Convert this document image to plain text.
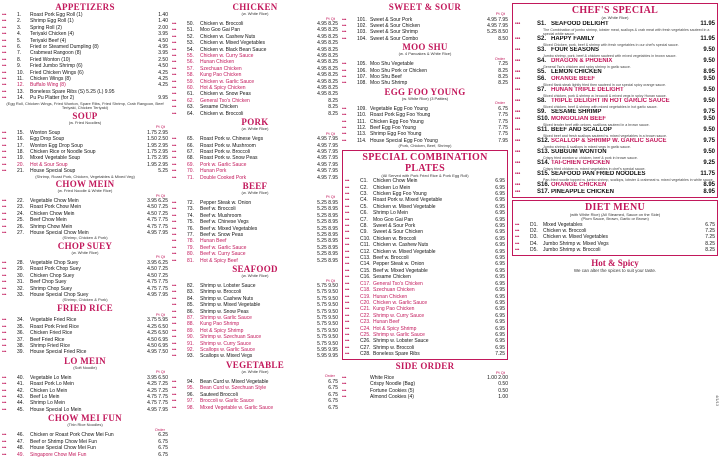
APPETIZERS
•••	1.	Roast Pork Egg Roll (1)	1.40
•••	2.	Shrimp Egg Roll (1)	1.40
•••	3.	Spring Roll (2)	2.00
•••	4.	Teriyaki Chicken (4)	3.95
•••	5.	Teriyaki Beef (4)	4.50
•••	6.	Fried or Steamed Dumpling (8)	4.95
•••	7.	Crabmeat Rangoon (8)	3.95
•••	8.	Fried Wonton (10)	2.50
•••	9.	Fried Jumbo Shrimp (6)	4.50
•••	10.	Fried Chicken Wings (6)	4.25
•••	11.	Chicken Wings (8)	4.25
•••	12.	Buffalo Wing (8)	4.25
•••	13.	Boneless Spare Ribs (S) 5.25 (L) 9.95
•••	14.	Pu Pu Platter (for 2)	9.95
(Egg Roll, Chicken Wings, Fried Wonton, Spare Ribs, Fried Shrimp, Crab Rangoon, Beef Teriyaki, Chicken Teriyaki)
SOUP
(w. Fried Noodles)
Pt Qt
•••	15.	Wonton Soup	1.75 2.95
•••	16.	Egg Drop Soup	1.50 2.50
•••	17.	Wonton Egg Drop Soup	1.95 2.95
•••	18.	Chicken Rice or Noodle Soup	1.75 2.95
•••	19.	Mixed Vegetable Soup	1.75 2.95
•••	20.	Hot & Sour Soup	1.95 2.95
•••	21.	House Special Soup	5.25
(Shrimp, Roast Pork, Chicken, Vegetables & Mixed Veg)
CHOW MEIN
(w. Fried Noodle & White Rice)
Pt Qt
•••	22.	Vegetable Chow Mein	3.95 6.25
•••	23.	Roast Pork Chow Mein	4.50 7.25
•••	24.	Chicken Chow Mein	4.50 7.25
•••	25.	Beef Chow Mein	4.75 7.75
•••	26.	Shrimp Chow Mein	4.75 7.75
•••	27.	House Special Chow Mein	4.95 7.95
(Shrimp, Chicken & Pork)
CHOP SUEY
(w. White Rice)
Pt Qt
•••	28.	Vegetable Chop Suey	3.95 6.25
•••	29.	Roast Pork Chop Suey	4.50 7.25
•••	30.	Chicken Chop Suey	4.50 7.25
•••	31.	Beef Chop Suey	4.75 7.75
•••	32.	Shrimp Chop Suey	4.75 7.75
•••	33.	House Special Chop Suey	4.95 7.95
(Shrimp, Chicken & Pork)
FRIED RICE
Pt Qt
•••	34.	Vegetable Fried Rice	3.75 5.95
•••	35.	Roast Pork Fried Rice	4.25 6.50
•••	36.	Chicken Fried Rice	4.25 6.50
•••	37.	Beef Fried Rice	4.50 6.95
•••	38.	Shrimp Fried Rice	4.50 6.95
•••	39.	House Special Fried Rice	4.95 7.50
LO MEIN
(Soft Noodle)
Pt Qt
•••	40.	Vegetable Lo Mein	3.95 6.50
•••	41.	Roast Pork Lo Mein	4.25 7.25
•••	42.	Chicken Lo Mein	4.25 7.25
•••	43.	Beef Lo Mein	4.75 7.75
•••	44.	Shrimp Lo Mein	4.75 7.75
•••	45.	House Special Lo Mein	4.95 7.95
CHOW MEI FUN
(Thin Rice Noodles)
Order
•••	46.	Chicken or Roast Pork Chow Mei Fun	6.25
•••	47.	Beef or Shrimp Chow Mei Fun	6.75
•••	48.	House Special Chow Mei Fun	6.75
•••	49.	Singapore Chow Mei Fun	6.75
CHICKEN
(w. White Rice)
Pt Qt
•••	50.	Chicken w. Broccoli	4.95 8.25
•••	51.	Moo Goo Gai Pan	4.95 8.25
•••	52.	Chicken w. Cashew Nuts	4.95 8.25
•••	53.	Chicken w. Mixed Vegetables	4.95 8.25
•••	54.	Chicken w. Black Bean Sauce	4.95 8.25
•••	55.	Chicken w. Curry Sauce	4.95 8.25
•••	56.	Hunan Chicken	4.95 8.25
•••	57.	Szechuan Chicken	4.95 8.25
•••	58.	Kung Pao Chicken	4.95 8.25
•••	59.	Chicken w. Garlic Sauce	4.95 8.25
•••	60.	Hot & Spicy Chicken	4.95 8.25
•••	61.	Chicken w. Snow Peas	4.95 8.25
•••	62.	General Tso's Chicken	8.25
•••	63.	Sesame Chicken	8.25
•••	64.	Chicken w. Broccoli	8.25
PORK
(w. White Rice)
Pt Qt
•••	65.	Roast Pork w. Chinese Vegs	4.95 7.95
•••	66.	Roast Pork w. Mushroom	4.95 7.95
•••	67.	Roast Pork w. Broccoli	4.95 7.95
•••	68.	Roast Pork w. Snow Peas	4.95 7.95
•••	69.	Pork w. Garlic Sauce	4.95 7.95
•••	70.	Hunan Pork	4.95 7.95
•••	71.	Double Cooked Pork	4.95 7.95
BEEF
(w. White Rice)
Pt Qt
•••	72.	Pepper Steak w. Onion	5.25 8.95
•••	73.	Beef w. Broccoli	5.25 8.95
•••	74.	Beef w. Mushroom	5.25 8.95
•••	75.	Beef w. Chinese Vegs	5.25 8.95
•••	76.	Beef w. Mixed Vegetables	5.25 8.95
•••	77.	Beef w. Snow Peas	5.25 8.95
•••	78.	Hunan Beef	5.25 8.95
•••	79.	Beef w. Garlic Sauce	5.25 8.95
•••	80.	Beef w. Curry Sauce	5.25 8.95
•••	81.	Hot & Spicy Beef	5.25 8.95
SEAFOOD
(w. White Rice)
Pt Qt
•••	82.	Shrimp w. Lobster Sauce	5.75 9.50
•••	83.	Shrimp w. Broccoli	5.75 9.50
•••	84.	Shrimp w. Cashew Nuts	5.75 9.50
•••	85.	Shrimp w. Mixed Vegetable	5.75 9.50
•••	86.	Shrimp w. Snow Peas	5.75 9.50
•••	87.	Shrimp w. Garlic Sauce	5.75 9.50
•••	88.	Kung Pao Shrimp	5.75 9.50
•••	89.	Hot & Spicy Shrimp	5.75 9.50
•••	90.	Shrimp w. Szechuan Sauce	5.75 9.50
•••	91.	Shrimp w. Curry Sauce	5.75 9.50
•••	92.	Scallops w. Garlic Sauce	5.95 9.95
•••	93.	Scallops w. Mixed Vegs	5.95 9.95
VEGETABLE
(w. White Rice)
Order
•••	94.	Bean Curd w. Mixed Vegetable	6.75
•••	95.	Bean Curd w. Szechuan Style	6.75
•••	96.	Sauteed Broccoli	6.75
•••	97.	Broccoli w. Garlic Sauce	6.75
•••	98.	Mixed Vegetable w. Garlic Sauce	6.75
SWEET & SOUR
Pt Qt
•••	101. Sweet & Sour Pork	4.95 7.95
•••	102. Sweet & Sour Chicken	4.95 7.95
•••	103. Sweet & Sour Shrimp	5.25 8.50
•••	104. Sweet & Sour Combo	8.50
MOO SHU
(w. 4 Pancakes & White Rice)
Order
•••	105. Moo Shu Vegetable	7.25
•••	106. Moo Shu Pork or Chicken	8.25
•••	107. Moo Shu Beef	8.25
•••	108. Moo Shu Shrimp	8.25
EGG FOO YOUNG
(w. White Rice) (3 Patties)
Order
•••	109. Vegetable Egg Foo Young	6.75
•••	110. Roast Pork Egg Foo Young	7.75
•••	111. Chicken Egg Foo Young	7.75
•••	112. Beef Egg Foo Young	7.75
•••	113. Shrimp Egg Foo Young	7.75
•••	114. House Special Egg Foo Young	7.95
(Pork, Chicken, Beef, Shrimp)
SPECIAL COMBINATION PLATES
(All Served with Pork Fried Rice & Pork Egg Roll)
•••	C1.	Chicken Chow Mein	6.95
•••	C2.	Chicken Lo Mein	6.95
•••	C3.	Chicken Egg Foo Young	6.95
•••	C4.	Roast Pork w. Mixed Vegetable	6.95
•••	C5.	Chicken w. Mixed Vegetable	6.95
•••	C6.	Shrimp Lo Mein	6.95
•••	C7.	Moo Goo Gai Pan	6.95
•••	C8.	Sweet & Sour Pork	6.95
•••	C9.	Sweet & Sour Chicken	6.95
•••	C10. Chicken w. Broccoli	6.95
•••	C11. Chicken w. Cashew Nuts	6.95
•••	C12. Chicken w. Mixed Vegetable	6.95
•••	C13. Beef w. Broccoli	6.95
•••	C14. Pepper Steak w. Onion	6.95
•••	C15. Beef w. Mixed Vegetable	6.95
•••	C16. Sesame Chicken	6.95
•••	C17. General Tso's Chicken	6.95
•••	C18. Szechuan Chicken	6.95
•••	C19. Hunan Chicken	6.95
•••	C20. Chicken w. Garlic Sauce	6.95
•••	C21. Kung Pao Chicken	6.95
•••	C22. Shrimp w. Curry Sauce	6.95
•••	C23. Hunan Beef	6.95
•••	C24. Hot & Spicy Shrimp	6.95
•••	C25. Shrimp w. Garlic Sauce	6.95
•••	C26. Shrimp w. Lobster Sauce	6.95
•••	C27. Shrimp w. Broccoli	6.95
•••	C28. Boneless Spare Ribs	7.25
SIDE ORDER
Pt Qt
•••	White Rice	1.00 2.00
•••	Crispy Noodle (Bag)	0.50
•••	Fortune Cookies (5)	0.50
•••	Almond Cookies (4)	1.00
CHEF'S SPECIAL
(w. White Rice)
•••	S1. SEAFOOD DELIGHT	11.95
The Combination of jumbo shrimp, lobster meat, scallops & crab meat with fresh vegetables sauteed in a special white sauce.
•••	S2. HAPPY FAMILY	11.95
Sliced Chicken, pork, beef & shrimp with fresh vegetables in our chef's special sauce.
•••	S3. FOUR SEASONS	9.50
Jumbo shrimp, pork, beef & chicken sauteed with mixed vegetables in brown sauce.
•••	S4. DRAGON & PHOENIX	9.50
General Tso's chicken and spicy shrimp in garlic sauce.
•••	S5. LEMON CHICKEN	8.95
•••	S6. ORANGE BEEF	9.50
Sliced flank steak lightly fried then sauteed in our special spicy orange sauce.
•••	S7. HUNAN TRIPLE DELIGHT	9.50
Sliced chicken, pork & shrimp w. broccoli & mixed vegs in spicy Hunan sauce.
•••	S8. TRIPLE DELIGHT IN HOT GARLIC SAUCE	9.50
Sliced chicken, beef & shrimp with mixed vegetables in hot garlic sauce.
•••	S9. SESAME SHRIMP	9.75
•••	S10. MONGOLIAN BEEF	9.50
Sliced tender beef with onions, scallions sauteed in a brown sauce.
•••	S11. BEEF AND SCALLOP	9.50
Sliced beef and fresh scallops sauteed w. mixed vegetables in a brown sauce.
•••	S12. SCALLOP & SHRIMP W. GARLIC SAUCE	9.75
Jumbo shrimp & scallops in mixed vegs in garlic sauce.
•••	S13. SUBGUM WONTON	9.50
Crispy fried wonton w. chicken, beef & pork in brown sauce.
•••	S14. TAI-CHIEN CHICKEN	9.25
Crispy fried chicken w. mixed vegetables in chef's special sauce.
•••	S15. SEAFOOD PAN FRIED NOODLES	11.75
Pan-fried noodle topped w. jumbo shrimp, scallops, lobster & crabmeat w. mixed vegetables in white sauce.
•••	S16. ORANGE CHICKEN	8.95
•••	S17. PINEAPPLE CHICKEN	8.95
DIET MENU
(with White Rice) (All Steamed, Sauce on the Side)
(Plum Sauce, Brown, Garlic or Brown)
•••	D1.	Mixed Vegetables	6.75
•••	D2.	Chicken w. Broccoli	7.25
•••	D3.	Chicken w. Mixed Vegetables	7.25
•••	D4.	Jumbo Shrimp w. Mixed Vegs	8.25
•••	D5.	Jumbo Shrimp w. Broccoli	8.25
Hot & Spicy
We can alter the spices to suit your taste.
4/1/13
